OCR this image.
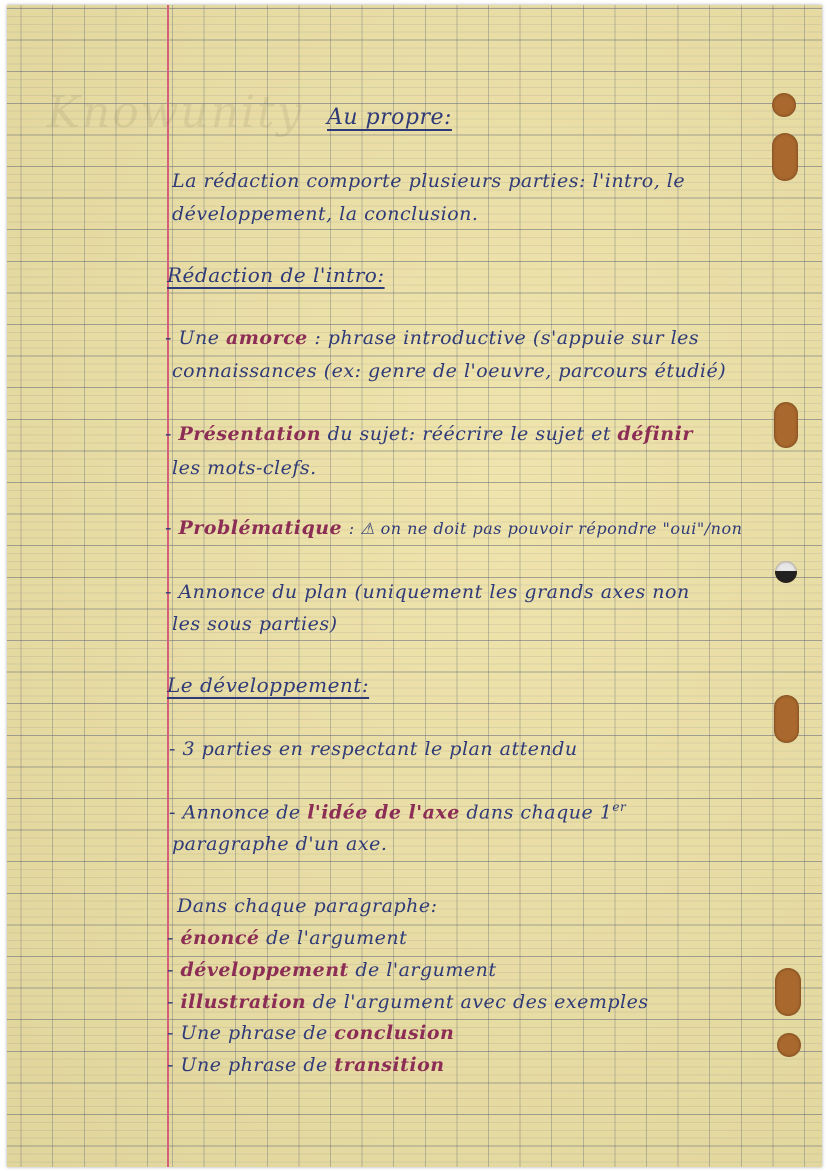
Knowunity Au propre:
La rédaction comporte plusieurs parties: l'intro, le
développement, la conclusion.
Rédaction de l'intro:
- Une amorce : phrase introductive (s'appuie sur les
connaissances (ex: genre de l'oeuvre, parcours étudié)
- Présentation du sujet: réécrire le sujet et définir
les mots-clefs.
- Problématique : ⚠ on ne doit pas pouvoir répondre "oui"/non
- Annonce du plan (uniquement les grands axes non
les sous parties)
Le développement:
- 3 parties en respectant le plan attendu
- Annonce de l'idée de l'axe dans chaque 1er
paragraphe d'un axe.
Dans chaque paragraphe:
- énoncé de l'argument
- développement de l'argument
- illustration de l'argument avec des exemples
- Une phrase de conclusion
- Une phrase de transition
